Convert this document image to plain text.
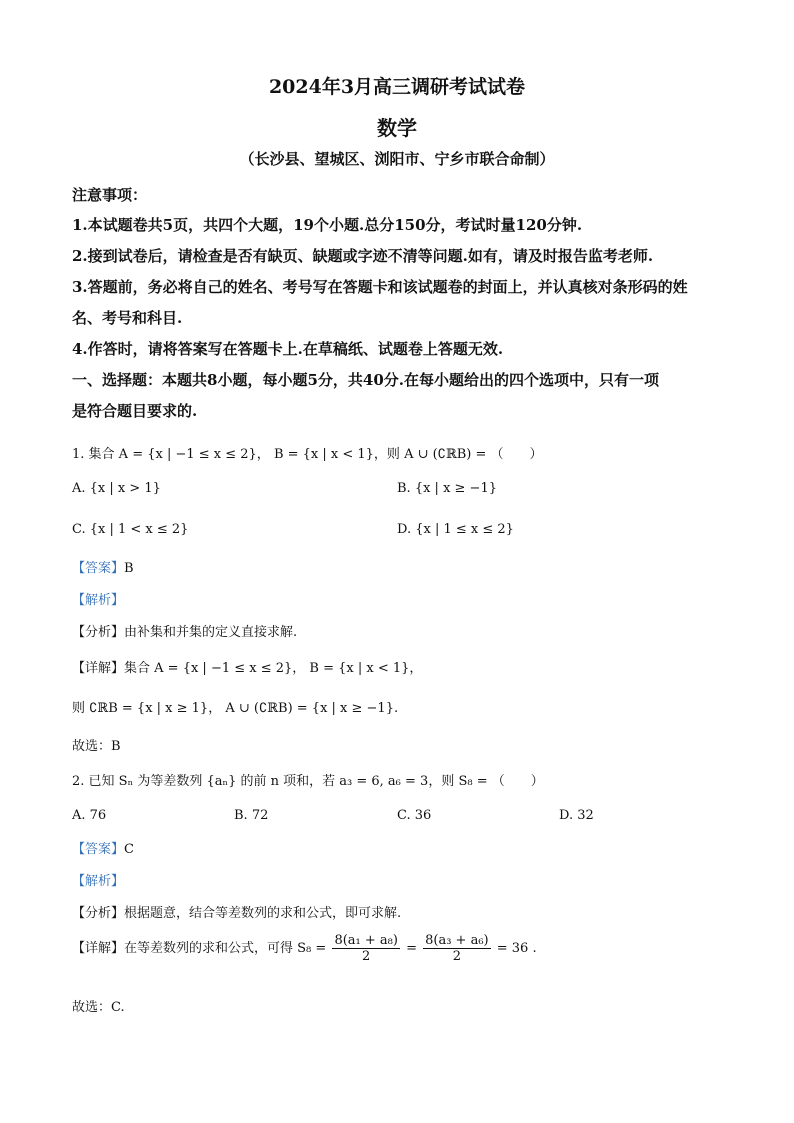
2024年3月高三调研考试试卷
数学
（长沙县、望城区、浏阳市、宁乡市联合命制）
注意事项：
1.本试题卷共5页，共四个大题，19个小题.总分150分，考试时量120分钟.
2.接到试卷后，请检查是否有缺页、缺题或字迹不清等问题.如有，请及时报告监考老师.
3.答题前，务必将自己的姓名、考号写在答题卡和该试题卷的封面上，并认真核对条形码的姓
名、考号和科目.
4.作答时，请将答案写在答题卡上.在草稿纸、试题卷上答题无效.
一、选择题：本题共8小题，每小题5分，共40分.在每小题给出的四个选项中，只有一项
是符合题目要求的.
1. 集合 A = {x | −1 ≤ x ≤ 2}， B = {x | x < 1}，则 A ∪ (∁ℝB) = （　　）
A. {x | x > 1}	B. {x | x ≥ −1}
C. {x | 1 < x ≤ 2}	D. {x | 1 ≤ x ≤ 2}
【答案】B
【解析】
【分析】由补集和并集的定义直接求解.
【详解】集合 A = {x | −1 ≤ x ≤ 2}， B = {x | x < 1}，
则 ∁ℝB = {x | x ≥ 1}， A ∪ (∁ℝB) = {x | x ≥ −1}.
故选：B
2. 已知 Sₙ 为等差数列 {aₙ} 的前 n 项和，若 a₃ = 6, a₆ = 3，则 S₈ = （　　）
A. 76	B. 72	C. 36	D. 32
【答案】C
【解析】
【分析】根据题意，结合等差数列的求和公式，即可求解.
【详解】在等差数列的求和公式，可得 $S_8 = \frac{\text{8(a₁ + a₈)}}{2} = \frac{\text{8(a₃ + a₆)}}{2} = 36$ .
故选：C.
